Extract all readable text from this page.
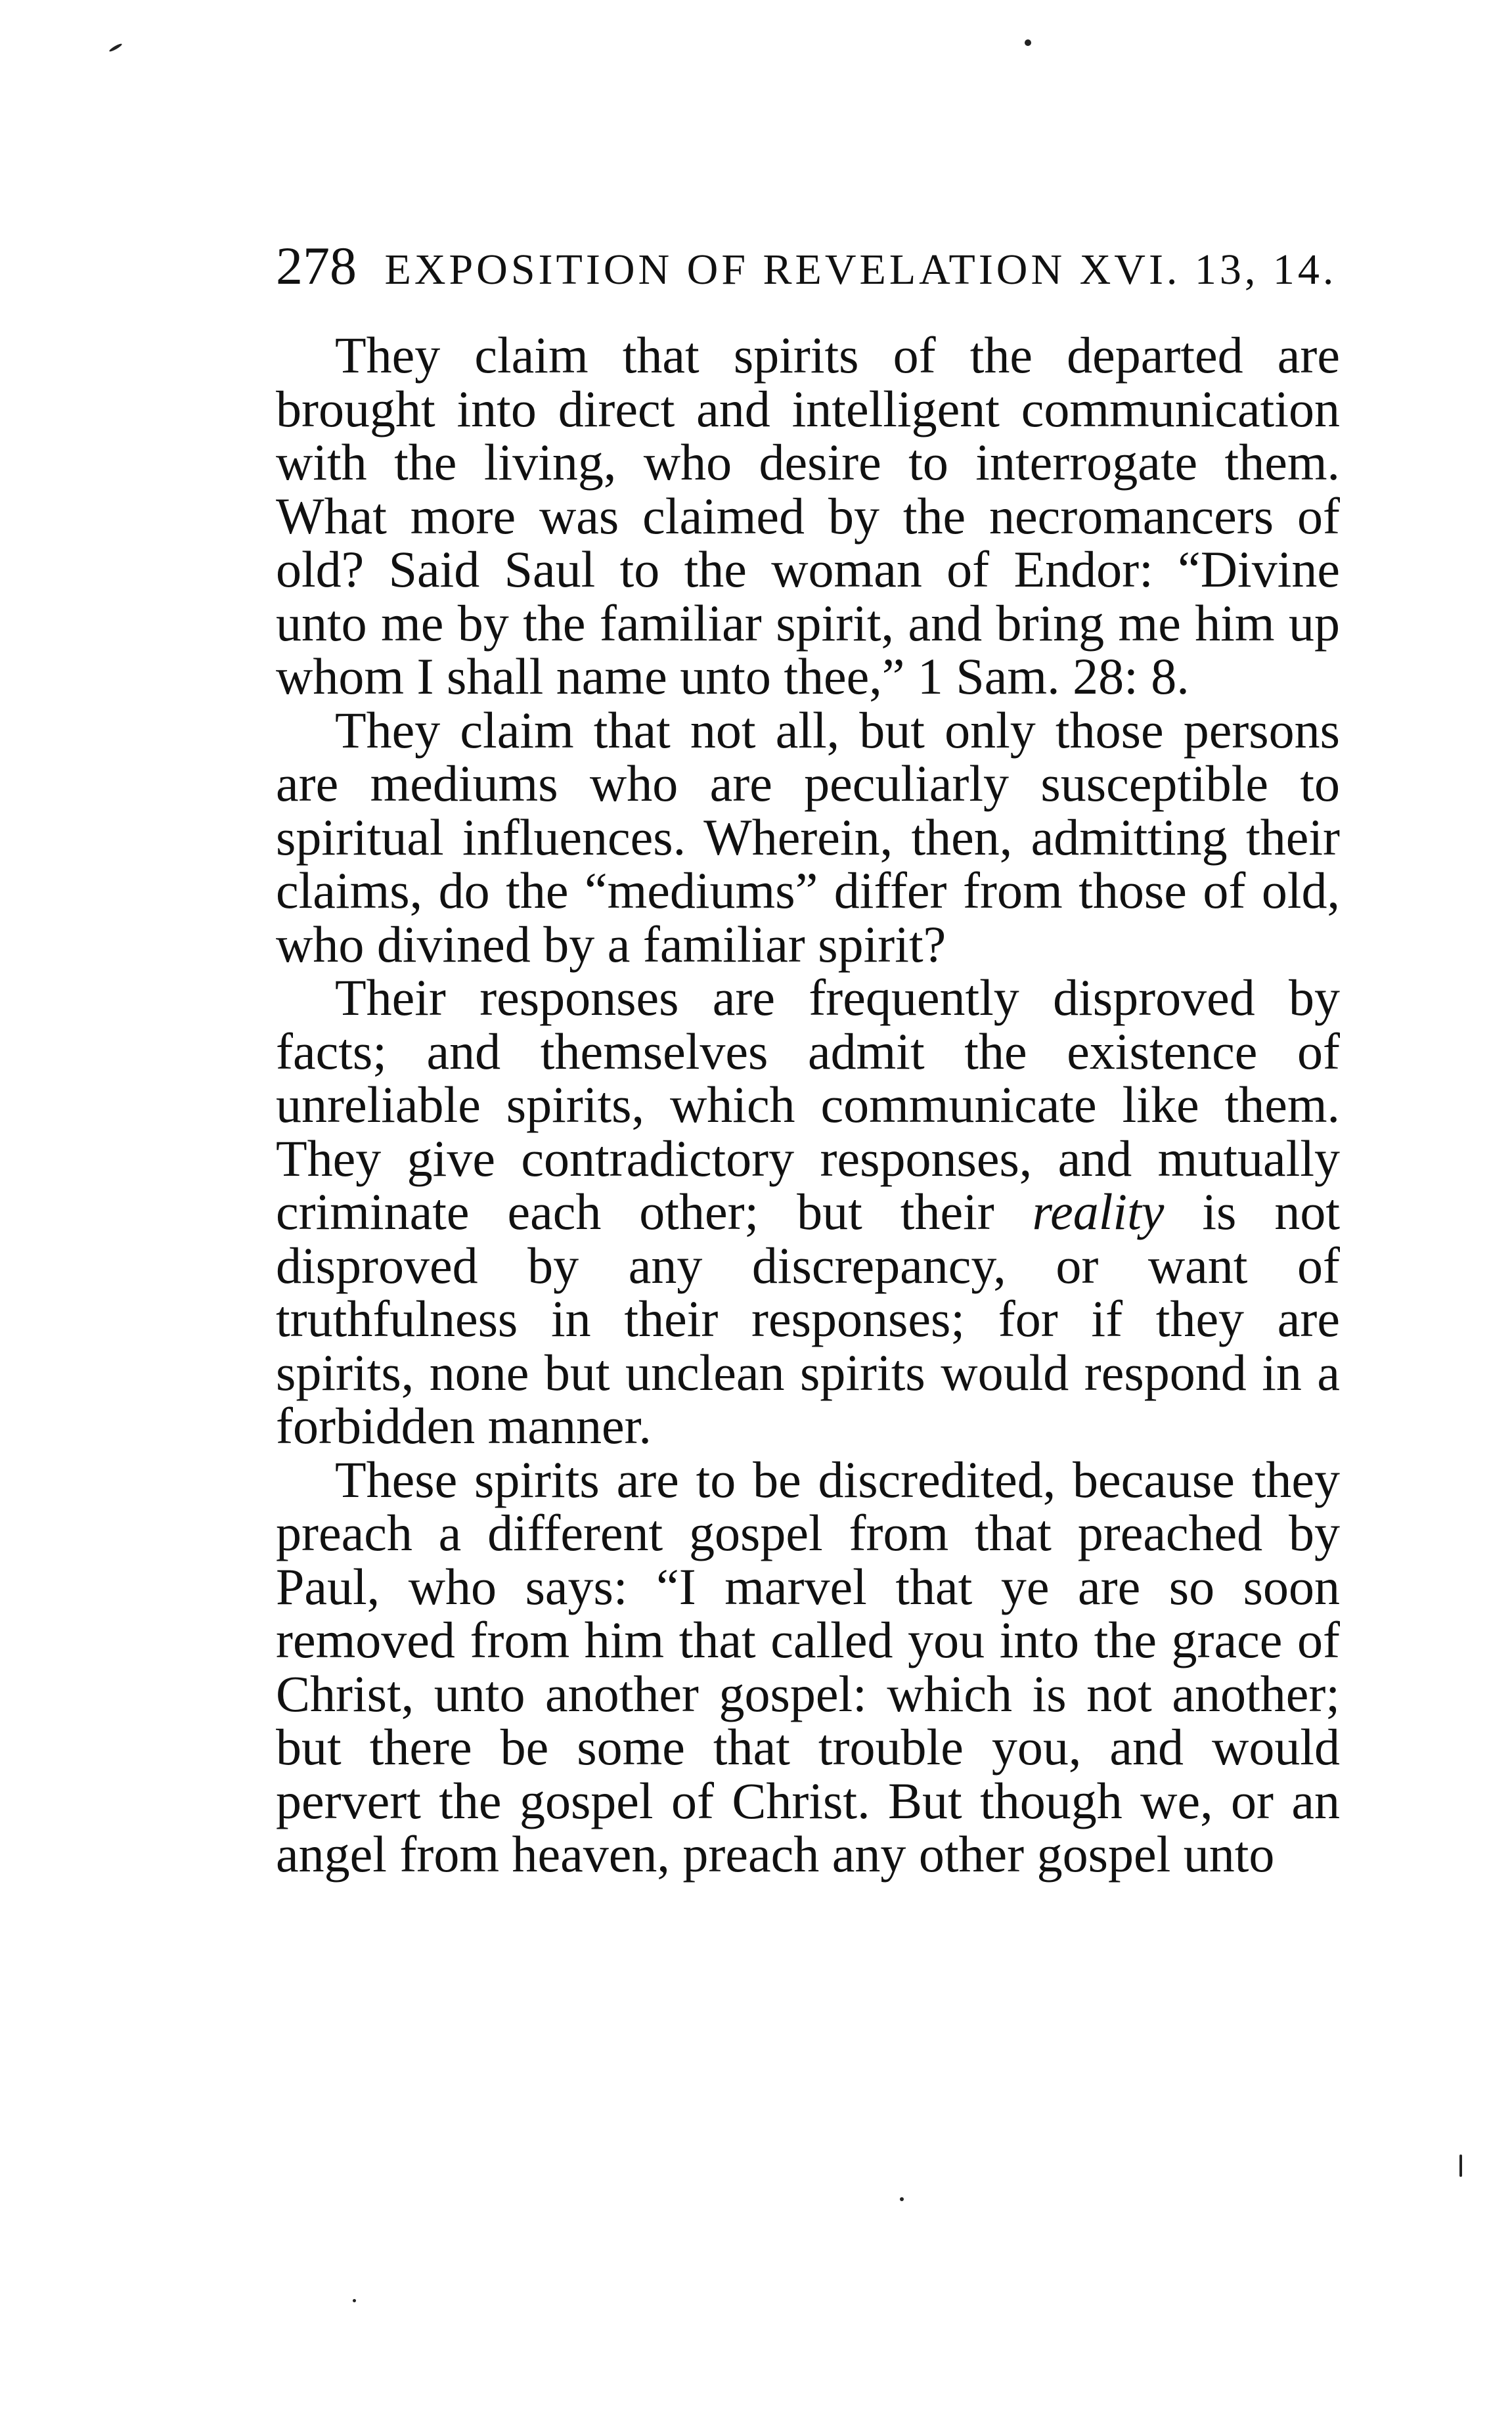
278 EXPOSITION OF REVELATION XVI. 13, 14.

They claim that spirits of the departed are brought into direct and intelligent communication with the living, who desire to interrogate them. What more was claimed by the necromancers of old? Said Saul to the woman of Endor: “Divine unto me by the familiar spirit, and bring me him up whom I shall name unto thee,” 1 Sam. 28: 8.

They claim that not all, but only those persons are mediums who are peculiarly susceptible to spiritual influences. Wherein, then, admitting their claims, do the “mediums” differ from those of old, who divined by a familiar spirit?

Their responses are frequently disproved by facts; and themselves admit the existence of unreliable spirits, which communicate like them. They give contradictory responses, and mutually criminate each other; but their reality is not disproved by any discrepancy, or want of truthfulness in their responses; for if they are spirits, none but unclean spirits would respond in a forbidden manner.

These spirits are to be discredited, because they preach a different gospel from that preached by Paul, who says: “I marvel that ye are so soon removed from him that called you into the grace of Christ, unto another gospel: which is not another; but there be some that trouble you, and would pervert the gospel of Christ. But though we, or an angel from heaven, preach any other gospel unto
